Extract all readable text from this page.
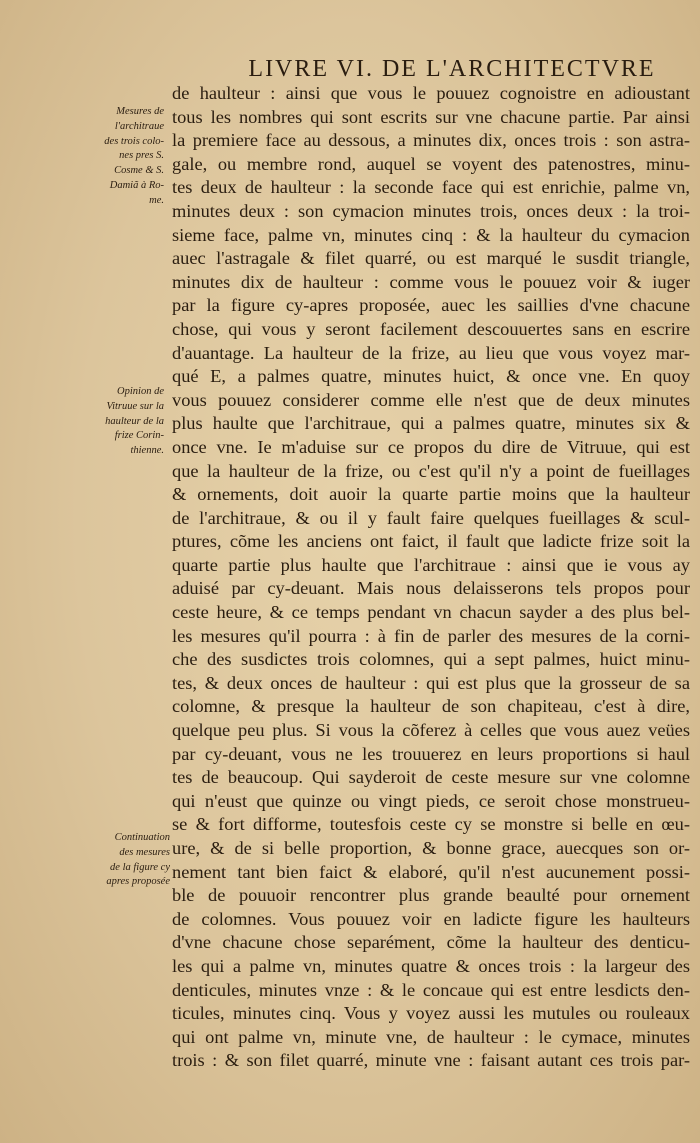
LIVRE VI. DE L'ARCHITECTVRE
de haulteur : ainsi que vous le pouuez cognoistre en adioustant
tous les nombres qui sont escrits sur vne chacune partie. Par ainsi
la premiere face au dessous, a minutes dix, onces trois : son astra-
gale, ou membre rond, auquel se voyent des patenostres, minu-
tes deux de haulteur : la seconde face qui est enrichie, palme vn,
minutes deux : son cymacion minutes trois, onces deux : la troi-
sieme face, palme vn, minutes cinq : & la haulteur du cymacion
auec l'astragale & filet quarré, ou est marqué le susdit triangle,
minutes dix de haulteur : comme vous le pouuez voir & iuger
par la figure cy-apres proposée, auec les saillies d'vne chacune
chose, qui vous y seront facilement descouuertes sans en escrire
d'auantage. La haulteur de la frize, au lieu que vous voyez mar-
qué E, a palmes quatre, minutes huict, & once vne. En quoy
vous pouuez considerer comme elle n'est que de deux minutes
plus haulte que l'architraue, qui a palmes quatre, minutes six &
once vne. Ie m'aduise sur ce propos du dire de Vitruue, qui est
que la haulteur de la frize, ou c'est qu'il n'y a point de fueillages
& ornements, doit auoir la quarte partie moins que la haulteur
de l'architraue, & ou il y fault faire quelques fueillages & scul-
ptures, cõme les anciens ont faict, il fault que ladicte frize soit la
quarte partie plus haulte que l'architraue : ainsi que ie vous ay
aduisé par cy-deuant. Mais nous delaisserons tels propos pour
ceste heure, & ce temps pendant vn chacun sayder a des plus bel-
les mesures qu'il pourra : à fin de parler des mesures de la corni-
che des susdictes trois colomnes, qui a sept palmes, huict minu-
tes, & deux onces de haulteur : qui est plus que la grosseur de sa
colomne, & presque la haulteur de son chapiteau, c'est à dire,
quelque peu plus. Si vous la cõferez à celles que vous auez veües
par cy-deuant, vous ne les trouuerez en leurs proportions si haul
tes de beaucoup. Qui sayderoit de ceste mesure sur vne colomne
qui n'eust que quinze ou vingt pieds, ce seroit chose monstrueu-
se & fort difforme, toutesfois ceste cy se monstre si belle en œu-
ure, & de si belle proportion, & bonne grace, auecques son or-
nement tant bien faict & elaboré, qu'il n'est aucunement possi-
ble de pouuoir rencontrer plus grande beaulté pour ornement
de colomnes. Vous pouuez voir en ladicte figure les haulteurs
d'vne chacune chose separément, cõme la haulteur des denticu-
les qui a palme vn, minutes quatre & onces trois : la largeur des
denticules, minutes vnze : & le concaue qui est entre lesdicts den-
ticules, minutes cinq. Vous y voyez aussi les mutules ou rouleaux
qui ont palme vn, minute vne, de haulteur : le cymace, minutes
trois : & son filet quarré, minute vne : faisant autant ces trois par-
Mesures de
l'architraue
des trois colo-
nes pres S.
Cosme & S.
Damiã à Ro-
me.
Opinion de
Vitruue sur la
haulteur de la
frize Corin-
thienne.
Continuation
des mesures
de la figure cy
apres proposée
